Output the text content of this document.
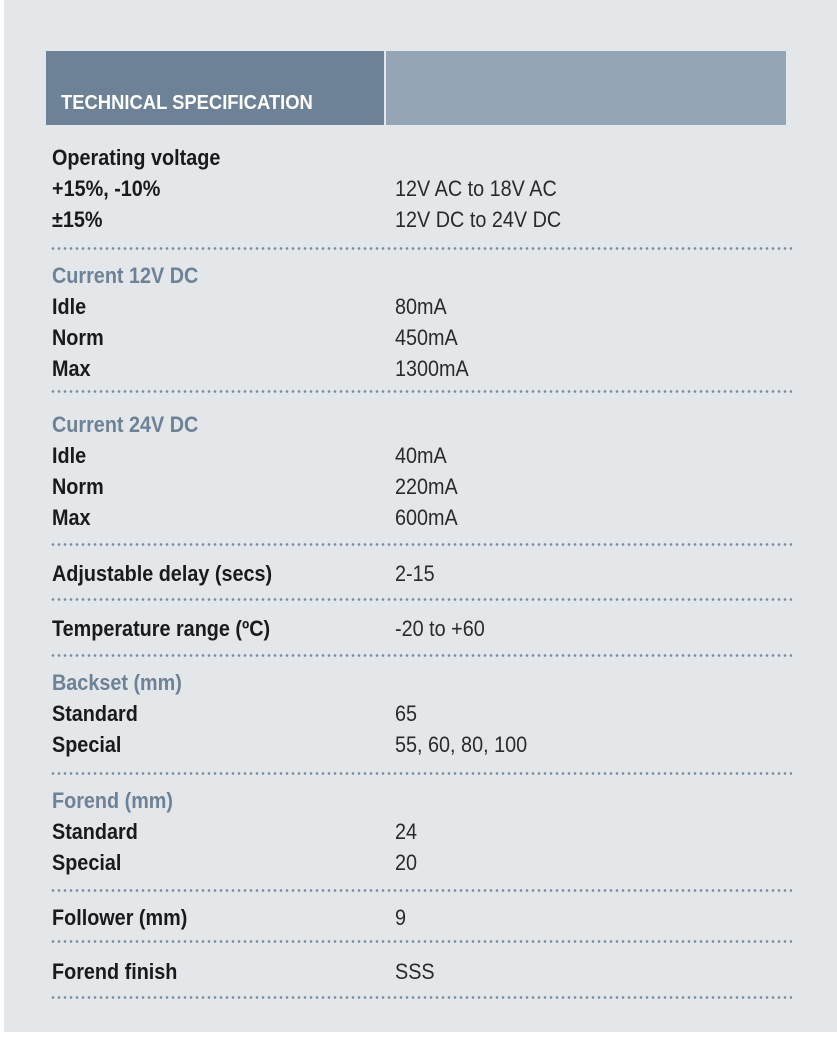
TECHNICAL SPECIFICATION
Operating voltage
+15%, -10%	12V AC to 18V AC
±15%	12V DC to 24V DC
Current 12V DC
Idle	80mA
Norm	450mA
Max	1300mA
Current 24V DC
Idle	40mA
Norm	220mA
Max	600mA
Adjustable delay (secs)	2-15
Temperature range (ºC)	-20 to +60
Backset (mm)
Standard	65
Special	55, 60, 80, 100
Forend (mm)
Standard	24
Special	20
Follower (mm)	9
Forend finish	SSS
